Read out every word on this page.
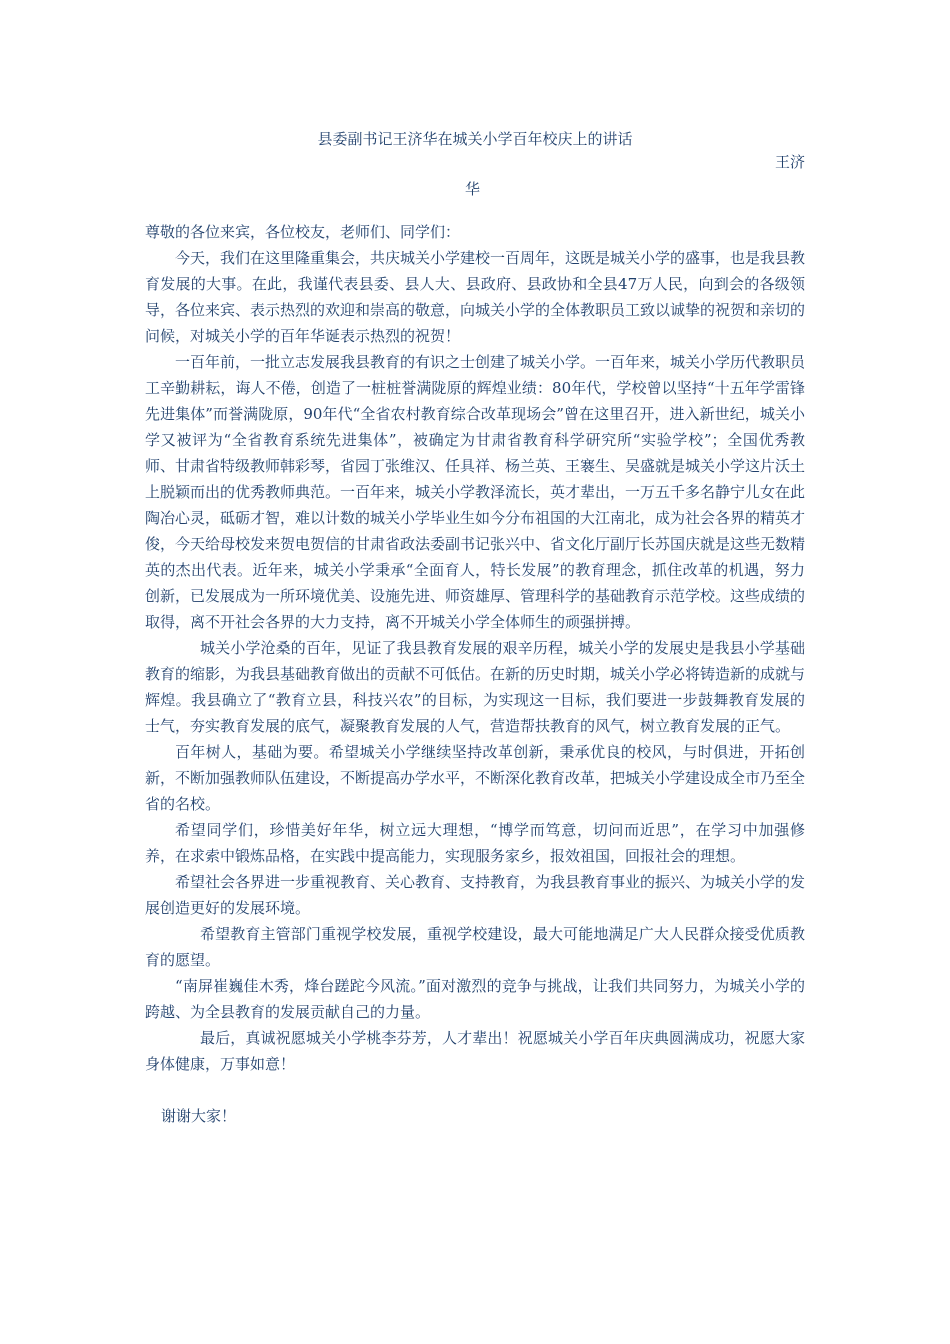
县委副书记王济华在城关小学百年校庆上的讲话
王济
华

尊敬的各位来宾，各位校友，老师们、同学们：

今天，我们在这里隆重集会，共庆城关小学建校一百周年，这既是城关小学的盛事，也是我县教育发展的大事。在此，我谨代表县委、县人大、县政府、县政协和全县47万人民，向到会的各级领导，各位来宾、表示热烈的欢迎和崇高的敬意，向城关小学的全体教职员工致以诚挚的祝贺和亲切的问候，对城关小学的百年华诞表示热烈的祝贺！

一百年前，一批立志发展我县教育的有识之士创建了城关小学。一百年来，城关小学历代教职员工辛勤耕耘，诲人不倦，创造了一桩桩誉满陇原的辉煌业绩：80年代，学校曾以坚持“十五年学雷锋先进集体”而誉满陇原，90年代“全省农村教育综合改革现场会”曾在这里召开，进入新世纪，城关小学又被评为“全省教育系统先进集体”，被确定为甘肃省教育科学研究所“实验学校”；全国优秀教师、甘肃省特级教师韩彩琴，省园丁张维汉、任具祥、杨兰英、王褰生、吴盛就是城关小学这片沃土上脱颖而出的优秀教师典范。一百年来，城关小学教泽流长，英才辈出，一万五千多名静宁儿女在此陶冶心灵，砥砺才智，难以计数的城关小学毕业生如今分布祖国的大江南北，成为社会各界的精英才俊，今天给母校发来贺电贺信的甘肃省政法委副书记张兴中、省文化厅副厅长苏国庆就是这些无数精英的杰出代表。近年来，城关小学秉承“全面育人，特长发展”的教育理念，抓住改革的机遇，努力创新，已发展成为一所环境优美、设施先进、师资雄厚、管理科学的基础教育示范学校。这些成绩的取得，离不开社会各界的大力支持，离不开城关小学全体师生的顽强拼搏。

城关小学沧桑的百年，见证了我县教育发展的艰辛历程，城关小学的发展史是我县小学基础教育的缩影，为我县基础教育做出的贡献不可低估。在新的历史时期，城关小学必将铸造新的成就与辉煌。我县确立了“教育立县，科技兴农”的目标，为实现这一目标，我们要进一步鼓舞教育发展的士气，夯实教育发展的底气，凝聚教育发展的人气，营造帮扶教育的风气，树立教育发展的正气。

百年树人，基础为要。希望城关小学继续坚持改革创新，秉承优良的校风，与时俱进，开拓创新，不断加强教师队伍建设，不断提高办学水平，不断深化教育改革，把城关小学建设成全市乃至全省的名校。

希望同学们，珍惜美好年华，树立远大理想，“博学而笃意，切问而近思”，在学习中加强修养，在求索中锻炼品格，在实践中提高能力，实现服务家乡，报效祖国，回报社会的理想。

希望社会各界进一步重视教育、关心教育、支持教育，为我县教育事业的振兴、为城关小学的发展创造更好的发展环境。

希望教育主管部门重视学校发展，重视学校建设，最大可能地满足广大人民群众接受优质教育的愿望。

“南屏崔巍佳木秀，烽台蹉跎今风流。”面对激烈的竞争与挑战，让我们共同努力，为城关小学的跨越、为全县教育的发展贡献自己的力量。

最后，真诚祝愿城关小学桃李芬芳，人才辈出！祝愿城关小学百年庆典圆满成功，祝愿大家身体健康，万事如意！

谢谢大家！
